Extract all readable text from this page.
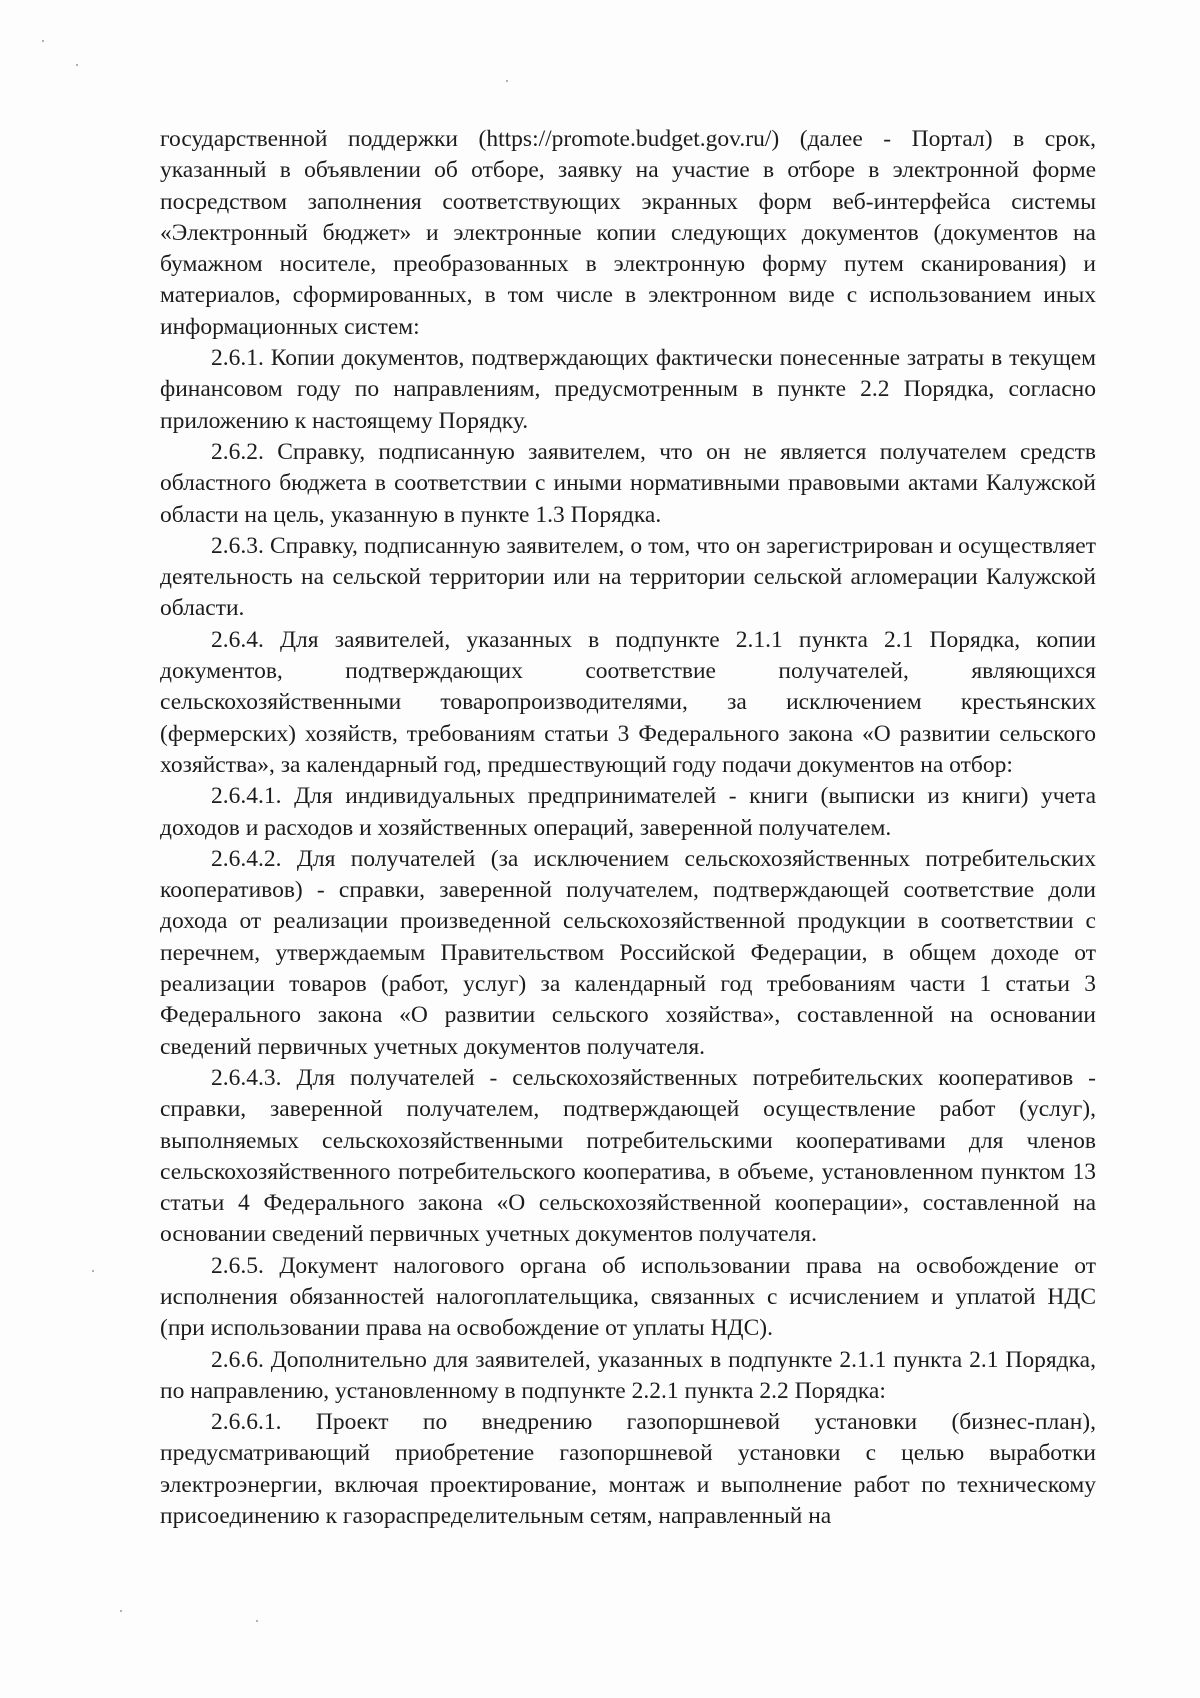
государственной поддержки (https://promote.budget.gov.ru/) (далее - Портал) в срок, указанный в объявлении об отборе, заявку на участие в отборе в электронной форме посредством заполнения соответствующих экранных форм веб-интерфейса системы «Электронный бюджет» и электронные копии следующих документов (документов на бумажном носителе, преобразованных в электронную форму путем сканирования) и материалов, сформированных, в том числе в электронном виде с использованием иных информационных систем:

2.6.1. Копии документов, подтверждающих фактически понесенные затраты в текущем финансовом году по направлениям, предусмотренным в пункте 2.2 Порядка, согласно приложению к настоящему Порядку.

2.6.2. Справку, подписанную заявителем, что он не является получателем средств областного бюджета в соответствии с иными нормативными правовыми актами Калужской области на цель, указанную в пункте 1.3 Порядка.

2.6.3. Справку, подписанную заявителем, о том, что он зарегистрирован и осуществляет деятельность на сельской территории или на территории сельской агломерации Калужской области.

2.6.4. Для заявителей, указанных в подпункте 2.1.1 пункта 2.1 Порядка, копии документов, подтверждающих соответствие получателей, являющихся сельскохозяйственными товаропроизводителями, за исключением крестьянских (фермерских) хозяйств, требованиям статьи 3 Федерального закона «О развитии сельского хозяйства», за календарный год, предшествующий году подачи документов на отбор:

2.6.4.1. Для индивидуальных предпринимателей - книги (выписки из книги) учета доходов и расходов и хозяйственных операций, заверенной получателем.

2.6.4.2. Для получателей (за исключением сельскохозяйственных потребительских кооперативов) - справки, заверенной получателем, подтверждающей соответствие доли дохода от реализации произведенной сельскохозяйственной продукции в соответствии с перечнем, утверждаемым Правительством Российской Федерации, в общем доходе от реализации товаров (работ, услуг) за календарный год требованиям части 1 статьи 3 Федерального закона «О развитии сельского хозяйства», составленной на основании сведений первичных учетных документов получателя.

2.6.4.3. Для получателей - сельскохозяйственных потребительских кооперативов - справки, заверенной получателем, подтверждающей осуществление работ (услуг), выполняемых сельскохозяйственными потребительскими кооперативами для членов сельскохозяйственного потребительского кооператива, в объеме, установленном пунктом 13 статьи 4 Федерального закона «О сельскохозяйственной кооперации», составленной на основании сведений первичных учетных документов получателя.

2.6.5. Документ налогового органа об использовании права на освобождение от исполнения обязанностей налогоплательщика, связанных с исчислением и уплатой НДС (при использовании права на освобождение от уплаты НДС).

2.6.6. Дополнительно для заявителей, указанных в подпункте 2.1.1 пункта 2.1 Порядка, по направлению, установленному в подпункте 2.2.1 пункта 2.2 Порядка:

2.6.6.1. Проект по внедрению газопоршневой установки (бизнес-план), предусматривающий приобретение газопоршневой установки с целью выработки электроэнергии, включая проектирование, монтаж и выполнение работ по техническому присоединению к газораспределительным сетям, направленный на
